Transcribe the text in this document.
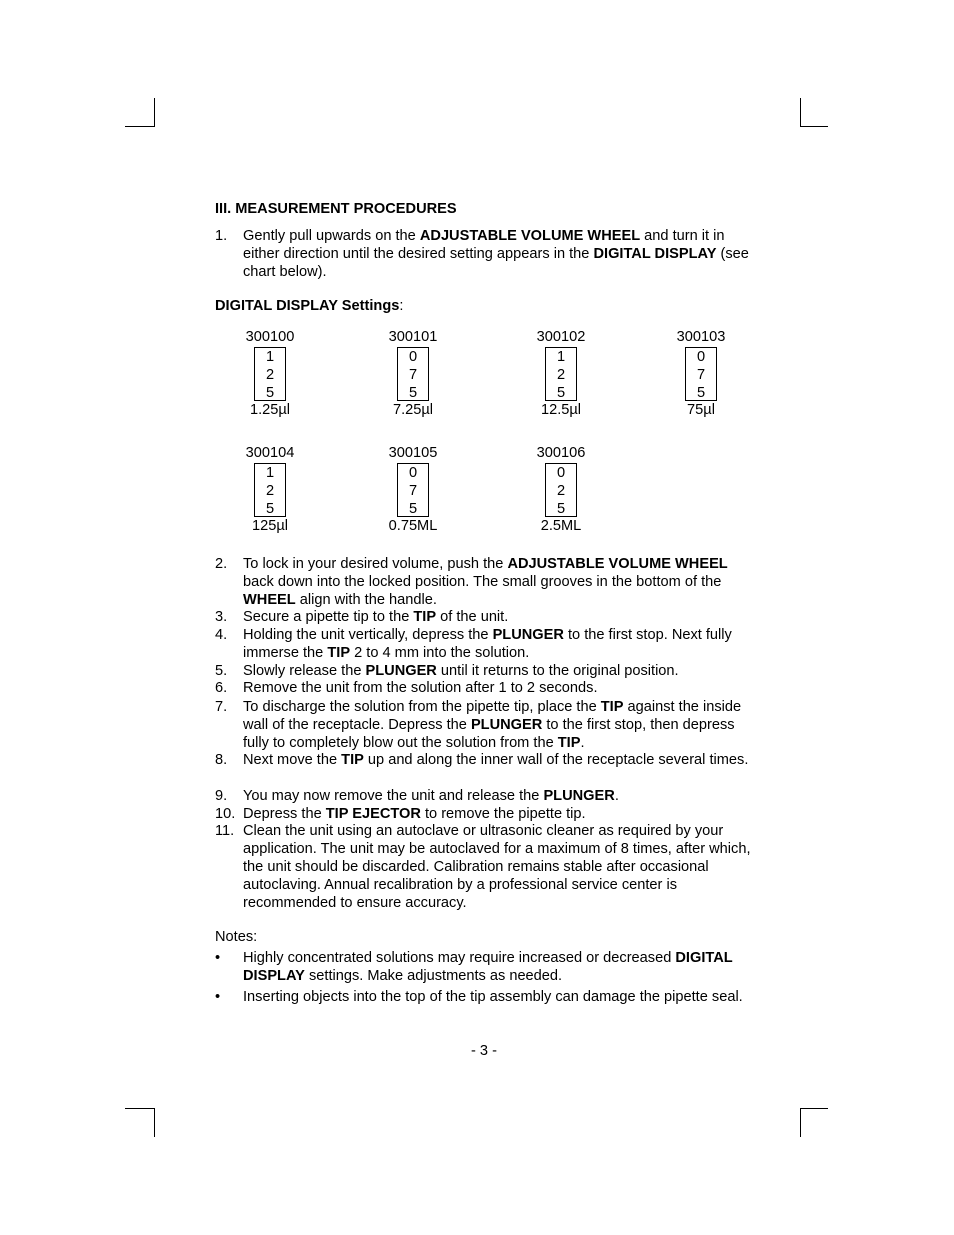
III. MEASUREMENT PROCEDURES
1. Gently pull upwards on the ADJUSTABLE VOLUME WHEEL and turn it in either direction until the desired setting appears in the DIGITAL DISPLAY (see chart below).
DIGITAL DISPLAY Settings:
300100
1
2
5
1.25µl
300101
0
7
5
7.25µl
300102
1
2
5
12.5µl
300103
0
7
5
75µl
300104
1
2
5
125µl
300105
0
7
5
0.75ML
300106
0
2
5
2.5ML
2. To lock in your desired volume, push the ADJUSTABLE VOLUME WHEEL back down into the locked position. The small grooves in the bottom of the WHEEL align with the handle.
3. Secure a pipette tip to the TIP of the unit.
4. Holding the unit vertically, depress the PLUNGER to the first stop. Next fully immerse the TIP 2 to 4 mm into the solution.
5. Slowly release the PLUNGER until it returns to the original position.
6. Remove the unit from the solution after 1 to 2 seconds.
7. To discharge the solution from the pipette tip, place the TIP against the inside wall of the receptacle. Depress the PLUNGER to the first stop, then depress fully to completely blow out the solution from the TIP.
8. Next move the TIP up and along the inner wall of the receptacle several times.
9. You may now remove the unit and release the PLUNGER.
10. Depress the TIP EJECTOR to remove the pipette tip.
11. Clean the unit using an autoclave or ultrasonic cleaner as required by your application. The unit may be autoclaved for a maximum of 8 times, after which, the unit should be discarded. Calibration remains stable after occasional autoclaving. Annual recalibration by a professional service center is recommended to ensure accuracy.
Notes:
• Highly concentrated solutions may require increased or decreased DIGITAL DISPLAY settings. Make adjustments as needed.
• Inserting objects into the top of the tip assembly can damage the pipette seal.
- 3 -
